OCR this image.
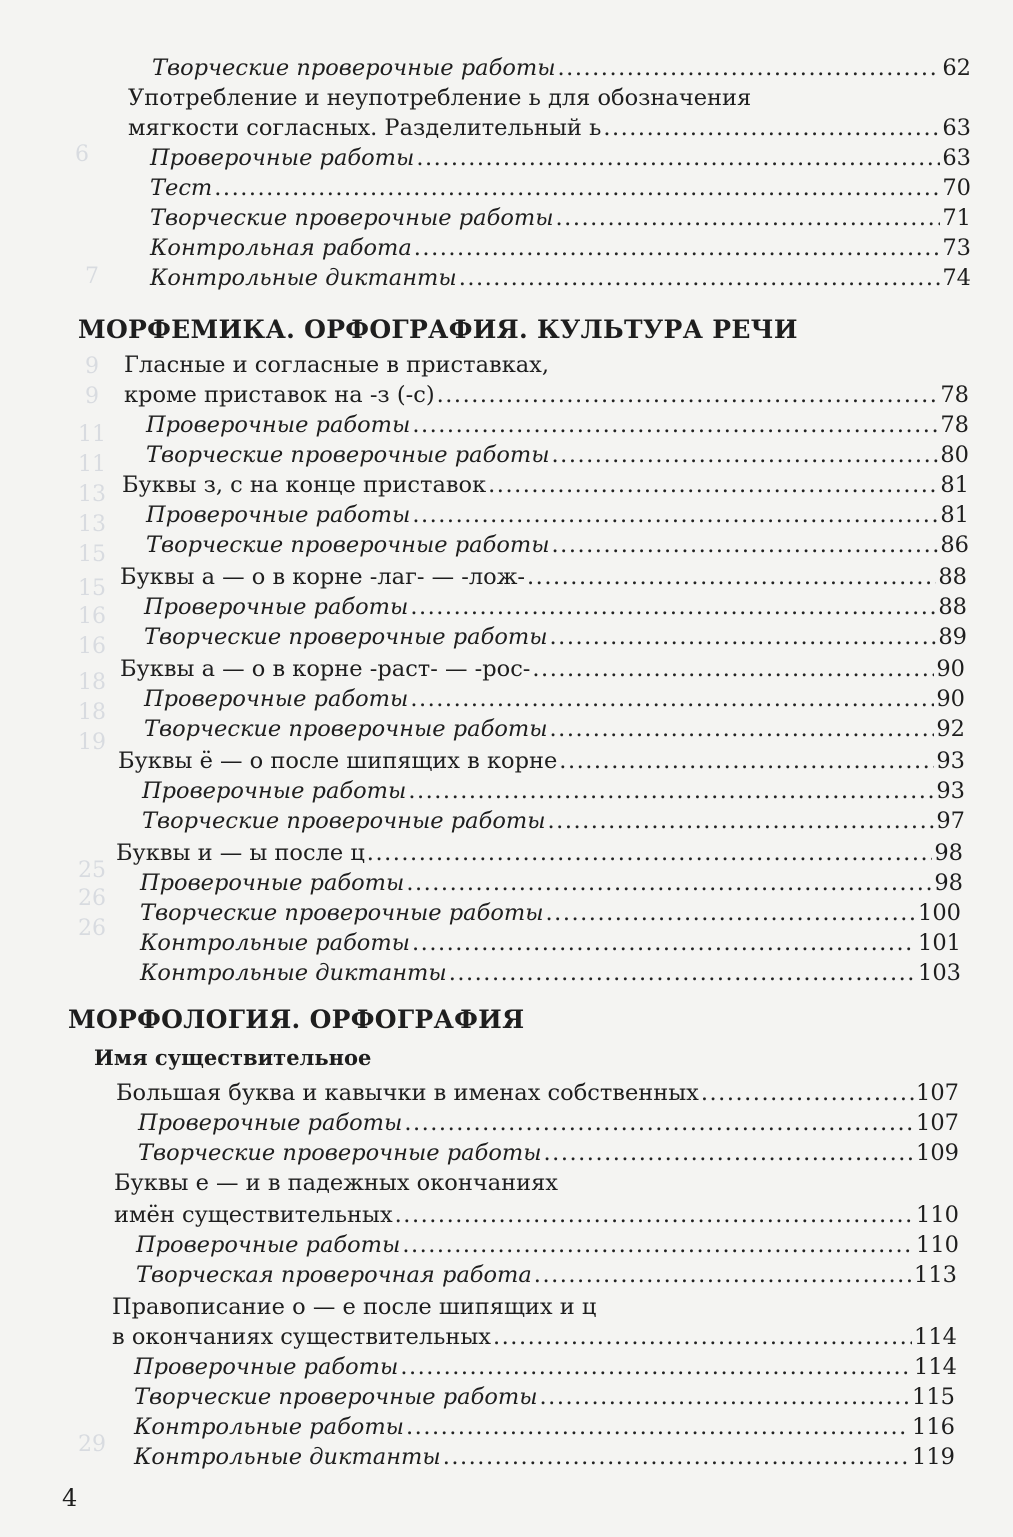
6
7
9
9
11
11
13
13
15
15
16
16
18
18
19
25
26
26
29
Творческие проверочные работы .....	62
Употребление и неупотребление ь для обозначения
мягкости согласных. Разделительный ь .....	63
Проверочные работы .....	63
Тест .....	70
Творческие проверочные работы .....	71
Контрольная работа .....	73
Контрольные диктанты .....	74
МОРФЕМИКА. ОРФОГРАФИЯ. КУЛЬТУРА РЕЧИ
Гласные и согласные в приставках,
кроме приставок на -з (-с) .....	78
Проверочные работы .....	78
Творческие проверочные работы .....	80
Буквы з, с на конце приставок .....	81
Проверочные работы .....	81
Творческие проверочные работы .....	86
Буквы а — о в корне -лаг- — -лож- .....	88
Проверочные работы .....	88
Творческие проверочные работы .....	89
Буквы а — о в корне -раст- — -рос- .....	90
Проверочные работы .....	90
Творческие проверочные работы .....	92
Буквы ё — о после шипящих в корне .....	93
Проверочные работы .....	93
Творческие проверочные работы .....	97
Буквы и — ы после ц .....	98
Проверочные работы .....	98
Творческие проверочные работы .....	100
Контрольные работы .....	101
Контрольные диктанты .....	103
МОРФОЛОГИЯ. ОРФОГРАФИЯ
Имя существительное
Большая буква и кавычки в именах собственных .....	107
Проверочные работы .....	107
Творческие проверочные работы .....	109
Буквы е — и в падежных окончаниях
имён существительных .....	110
Проверочные работы .....	110
Творческая проверочная работа .....	113
Правописание о — е после шипящих и ц
в окончаниях существительных .....	114
Проверочные работы .....	114
Творческие проверочные работы .....	115
Контрольные работы .....	116
Контрольные диктанты .....	119
4
